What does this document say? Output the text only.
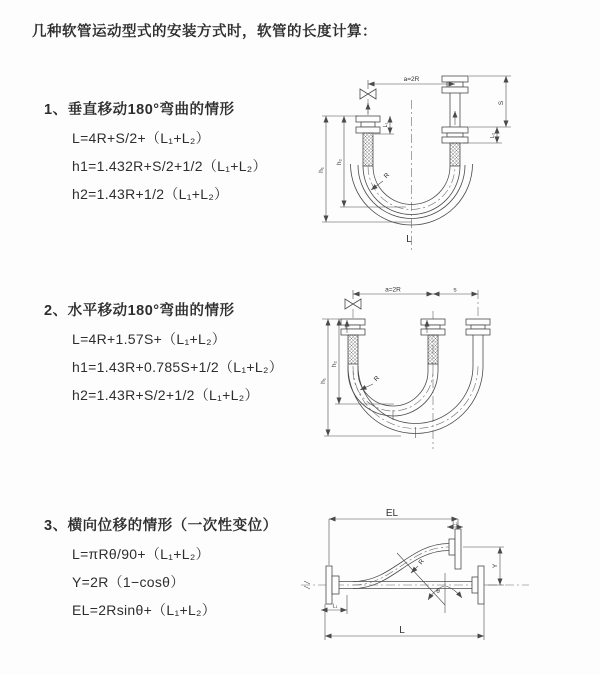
几种软管运动型式的安装方式时，软管的长度计算：
1、垂直移动180°弯曲的情形
L=4R+S/2+（L₁+L₂）
h1=1.432R+S/2+1/2（L₁+L₂）
h2=1.43R+1/2（L₁+L₂）
2、水平移动180°弯曲的情形
L=4R+1.57S+（L₁+L₂）
h1=1.43R+0.785S+1/2（L₁+L₂）
h2=1.43R+S/2+1/2（L₁+L₂）
3、横向位移的情形（一次性变位）
L=πRθ/90+（L₁+L₂）
Y=2R（1−cosθ）
EL=2Rsinθ+（L₁+L₂）
a=2R
S
L₂
h₁
h₂
L₁
R
L
a=2R	s
h₁
h₂
R
θ
EL
L₂
Y
R
L
L₁
